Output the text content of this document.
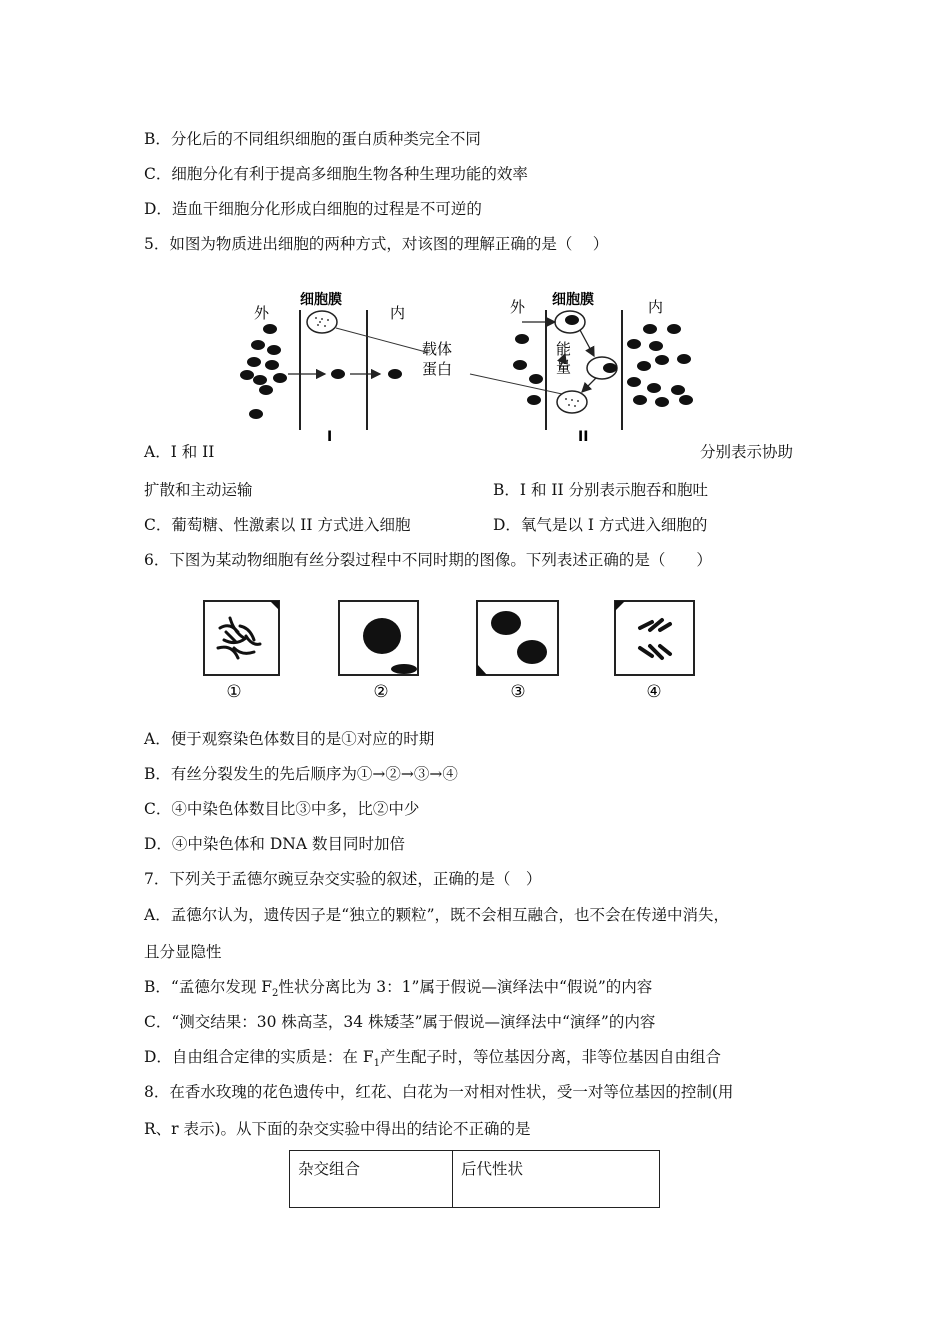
B．分化后的不同组织细胞的蛋白质种类完全不同
C．细胞分化有利于提高多细胞生物各种生理功能的效率
D．造血干细胞分化形成白细胞的过程是不可逆的
5．如图为物质进出细胞的两种方式，对该图的理解正确的是（　 ）
细胞膜
外	内
I
载体
蛋白
细胞膜
外	内
能
量
II
A．I 和 II	分别表示协助
扩散和主动运输	B．I 和 II 分别表示胞吞和胞吐
C．葡萄糖、性激素以 II 方式进入细胞	D．氧气是以 I 方式进入细胞的
6．下图为某动物细胞有丝分裂过程中不同时期的图像。下列表述正确的是（　　）
①	②	③	④
A．便于观察染色体数目的是①对应的时期
B．有丝分裂发生的先后顺序为①→②→③→④
C．④中染色体数目比③中多，比②中少
D．④中染色体和 DNA 数目同时加倍
7．下列关于孟德尔豌豆杂交实验的叙述，正确的是（　）
A．孟德尔认为，遗传因子是“独立的颗粒”，既不会相互融合，也不会在传递中消失，
且分显隐性
B．“孟德尔发现 $F_2$性状分离比为 3：1”属于假说—演绎法中“假说”的内容
C．“测交结果：30 株高茎，34 株矮茎”属于假说—演绎法中“演绎”的内容
D．自由组合定律的实质是：在 $F_1$产生配子时，等位基因分离，非等位基因自由组合
8．在香水玫瑰的花色遗传中，红花、白花为一对相对性状，受一对等位基因的控制(用
R、r 表示)。从下面的杂交实验中得出的结论不正确的是
杂交组合	后代性状
